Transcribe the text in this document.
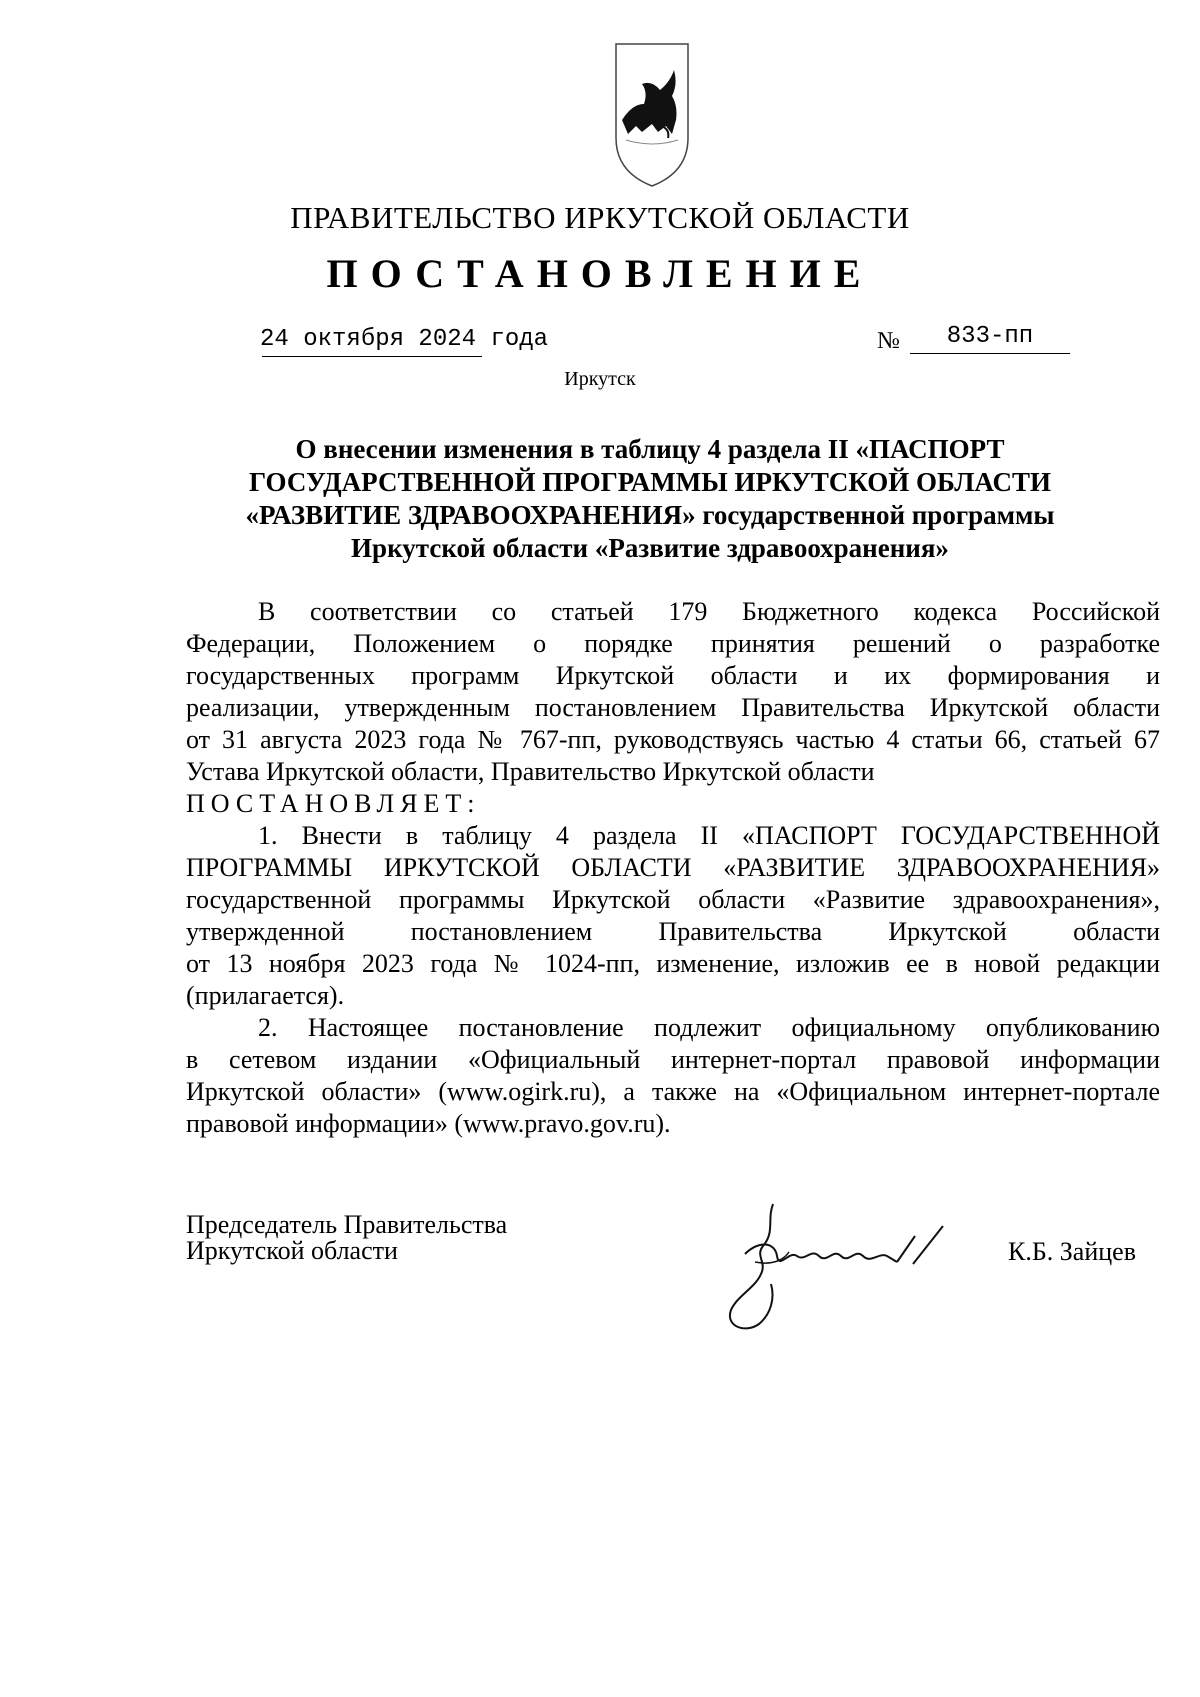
ПРАВИТЕЛЬСТВО ИРКУТСКОЙ ОБЛАСТИ
ПОСТАНОВЛЕНИЕ
24 октября 2024 года	№	833-пп
Иркутск
О внесении изменения в таблицу 4 раздела II «ПАСПОРТ
ГОСУДАРСТВЕННОЙ ПРОГРАММЫ ИРКУТСКОЙ ОБЛАСТИ
«РАЗВИТИЕ ЗДРАВООХРАНЕНИЯ» государственной программы
Иркутской области «Развитие здравоохранения»
В соответствии со статьей 179 Бюджетного кодекса Российской
Федерации, Положением о порядке принятия решений о разработке
государственных программ Иркутской области и их формирования и
реализации, утвержденным постановлением Правительства Иркутской области
от 31 августа 2023 года № 767-пп, руководствуясь частью 4 статьи 66, статьей 67
Устава Иркутской области, Правительство Иркутской области
ПОСТАНОВЛЯЕТ:
1. Внести в таблицу 4 раздела II «ПАСПОРТ ГОСУДАРСТВЕННОЙ
ПРОГРАММЫ ИРКУТСКОЙ ОБЛАСТИ «РАЗВИТИЕ ЗДРАВООХРАНЕНИЯ»
государственной программы Иркутской области «Развитие здравоохранения»,
утвержденной постановлением Правительства Иркутской области
от 13 ноября 2023 года № 1024-пп, изменение, изложив ее в новой редакции
(прилагается).
2. Настоящее постановление подлежит официальному опубликованию
в сетевом издании «Официальный интернет-портал правовой информации
Иркутской области» (www.ogirk.ru), а также на «Официальном интернет-портале
правовой информации» (www.pravo.gov.ru).
Председатель Правительства
Иркутской области	К.Б. Зайцев
